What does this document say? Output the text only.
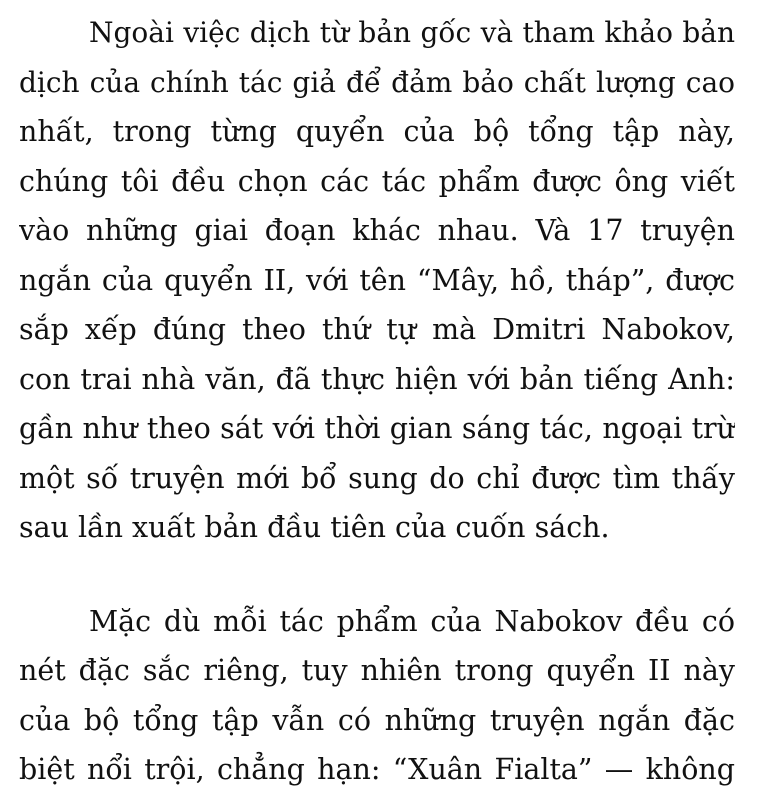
Ngoài việc dịch từ bản gốc và tham khảo bản
dịch của chính tác giả để đảm bảo chất lượng cao
nhất, trong từng quyển của bộ tổng tập này,
chúng tôi đều chọn các tác phẩm được ông viết
vào những giai đoạn khác nhau. Và 17 truyện
ngắn của quyển II, với tên “Mây, hồ, tháp”, được
sắp xếp đúng theo thứ tự mà Dmitri Nabokov,
con trai nhà văn, đã thực hiện với bản tiếng Anh:
gần như theo sát với thời gian sáng tác, ngoại trừ
một số truyện mới bổ sung do chỉ được tìm thấy
sau lần xuất bản đầu tiên của cuốn sách.
Mặc dù mỗi tác phẩm của Nabokov đều có
nét đặc sắc riêng, tuy nhiên trong quyển II này
của bộ tổng tập vẫn có những truyện ngắn đặc
biệt nổi trội, chẳng hạn: “Xuân Fialta” — không
